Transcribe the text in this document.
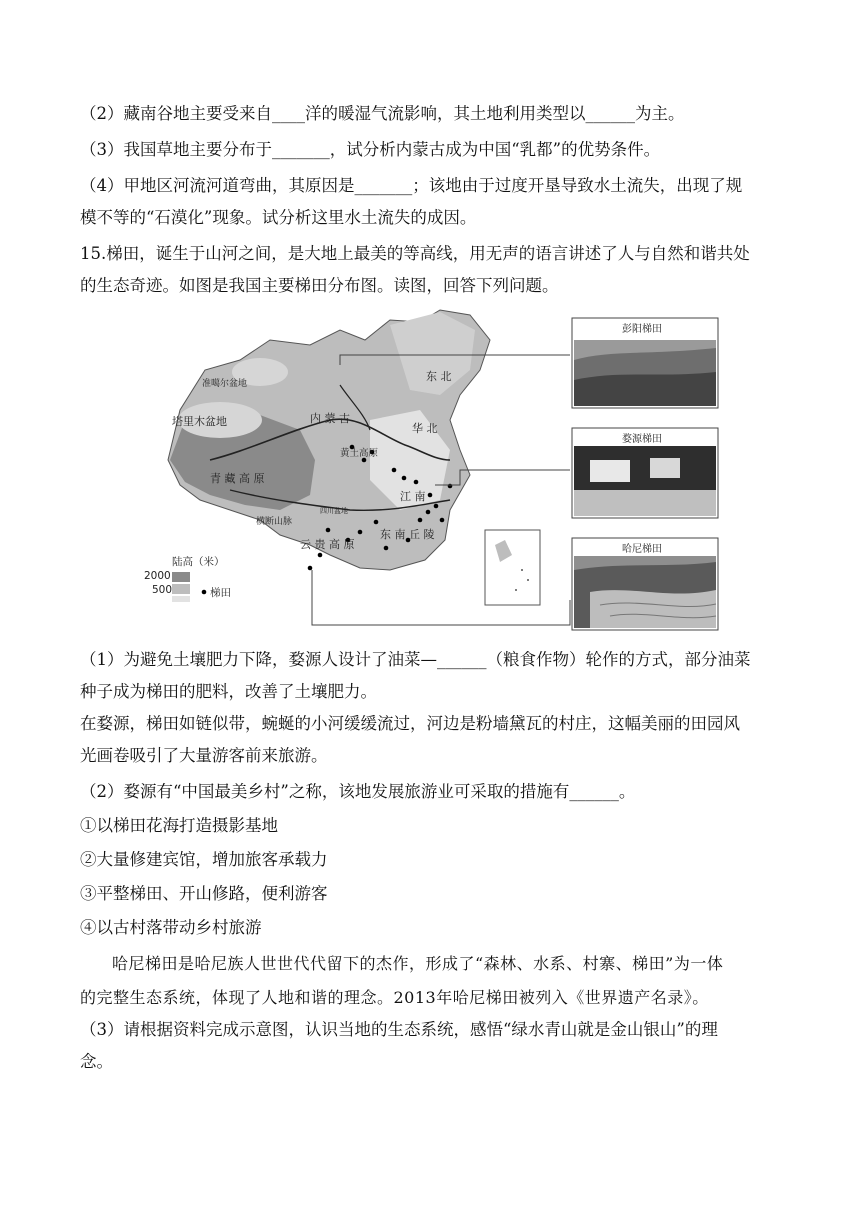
（2）藏南谷地主要受来自____洋的暖湿气流影响，其土地利用类型以______为主。
（3）我国草地主要分布于_______，试分析内蒙古成为中国“乳都”的优势条件。
（4）甲地区河流河道弯曲，其原因是_______；该地由于过度开垦导致水土流失，出现了规
模不等的“石漠化”现象。试分析这里水土流失的成因。
15.梯田，诞生于山河之间，是大地上最美的等高线，用无声的语言讲述了人与自然和谐共处
的生态奇迹。如图是我国主要梯田分布图。读图，回答下列问题。
彭阳梯田
婺源梯田
哈尼梯田
准噶尔盆地
塔里木盆地
青 藏 高 原
内 蒙 古
黄土高原
华 北
东 北
江 南
云 贵 高 原
四川盆地
横断山脉
东 南 丘 陵
陆高（米）
2000
500	梯田
（1）为避免土壤肥力下降，婺源人设计了油菜—______（粮食作物）轮作的方式，部分油菜
种子成为梯田的肥料，改善了土壤肥力。
在婺源，梯田如链似带，蜿蜒的小河缓缓流过，河边是粉墙黛瓦的村庄，这幅美丽的田园风
光画卷吸引了大量游客前来旅游。
（2）婺源有“中国最美乡村”之称，该地发展旅游业可采取的措施有______。
①以梯田花海打造摄影基地
②大量修建宾馆，增加旅客承载力
③平整梯田、开山修路，便利游客
④以古村落带动乡村旅游
哈尼梯田是哈尼族人世世代代留下的杰作，形成了“森林、水系、村寨、梯田”为一体
的完整生态系统，体现了人地和谐的理念。2013年哈尼梯田被列入《世界遗产名录》。
（3）请根据资料完成示意图，认识当地的生态系统，感悟“绿水青山就是金山银山”的理
念。
